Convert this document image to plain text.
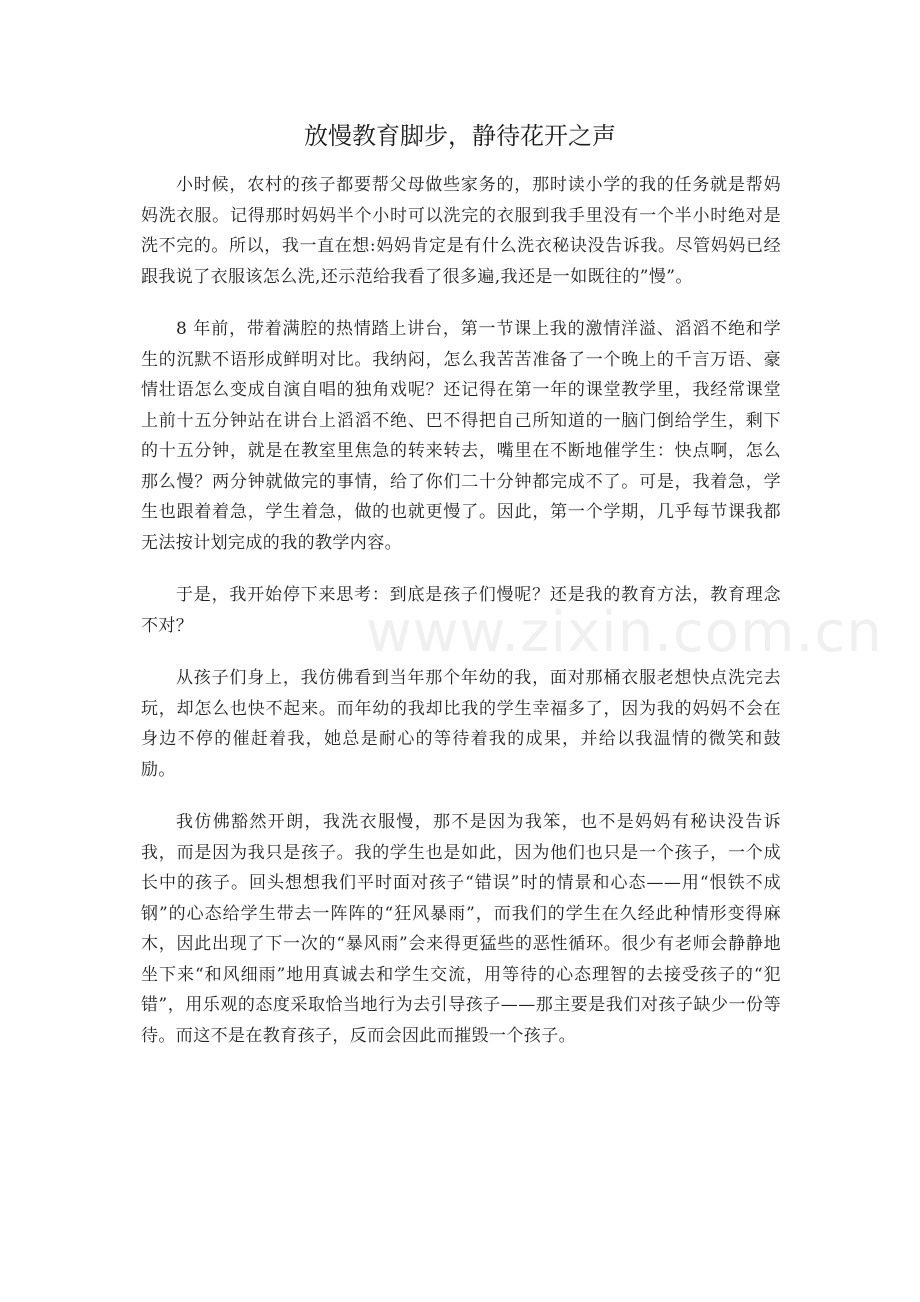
放慢教育脚步，静待花开之声

小时候，农村的孩子都要帮父母做些家务的，那时读小学的我的任务就是帮妈妈洗衣服。记得那时妈妈半个小时可以洗完的衣服到我手里没有一个半小时绝对是洗不完的。所以，我一直在想:妈妈肯定是有什么洗衣秘诀没告诉我。尽管妈妈已经跟我说了衣服该怎么洗,还示范给我看了很多遍,我还是一如既往的”慢”。

8 年前，带着满腔的热情踏上讲台，第一节课上我的激情洋溢、滔滔不绝和学生的沉默不语形成鲜明对比。我纳闷，怎么我苦苦准备了一个晚上的千言万语、豪情壮语怎么变成自演自唱的独角戏呢？还记得在第一年的课堂教学里，我经常课堂上前十五分钟站在讲台上滔滔不绝、巴不得把自己所知道的一脑门倒给学生，剩下的十五分钟，就是在教室里焦急的转来转去，嘴里在不断地催学生：快点啊，怎么那么慢？两分钟就做完的事情，给了你们二十分钟都完成不了。可是，我着急，学生也跟着着急，学生着急，做的也就更慢了。因此，第一个学期，几乎每节课我都无法按计划完成的我的教学内容。

于是，我开始停下来思考：到底是孩子们慢呢？还是我的教育方法，教育理念不对？

从孩子们身上，我仿佛看到当年那个年幼的我，面对那桶衣服老想快点洗完去玩，却怎么也快不起来。而年幼的我却比我的学生幸福多了，因为我的妈妈不会在身边不停的催赶着我，她总是耐心的等待着我的成果，并给以我温情的微笑和鼓励。

我仿佛豁然开朗，我洗衣服慢，那不是因为我笨，也不是妈妈有秘诀没告诉我，而是因为我只是孩子。我的学生也是如此，因为他们也只是一个孩子，一个成长中的孩子。回头想想我们平时面对孩子“错误”时的情景和心态——用“恨铁不成钢”的心态给学生带去一阵阵的“狂风暴雨”，而我们的学生在久经此种情形变得麻木，因此出现了下一次的“暴风雨”会来得更猛些的恶性循环。很少有老师会静静地坐下来“和风细雨”地用真诚去和学生交流，用等待的心态理智的去接受孩子的“犯错”，用乐观的态度采取恰当地行为去引导孩子——那主要是我们对孩子缺少一份等待。而这不是在教育孩子，反而会因此而摧毁一个孩子。

www.zixin.com.cn
